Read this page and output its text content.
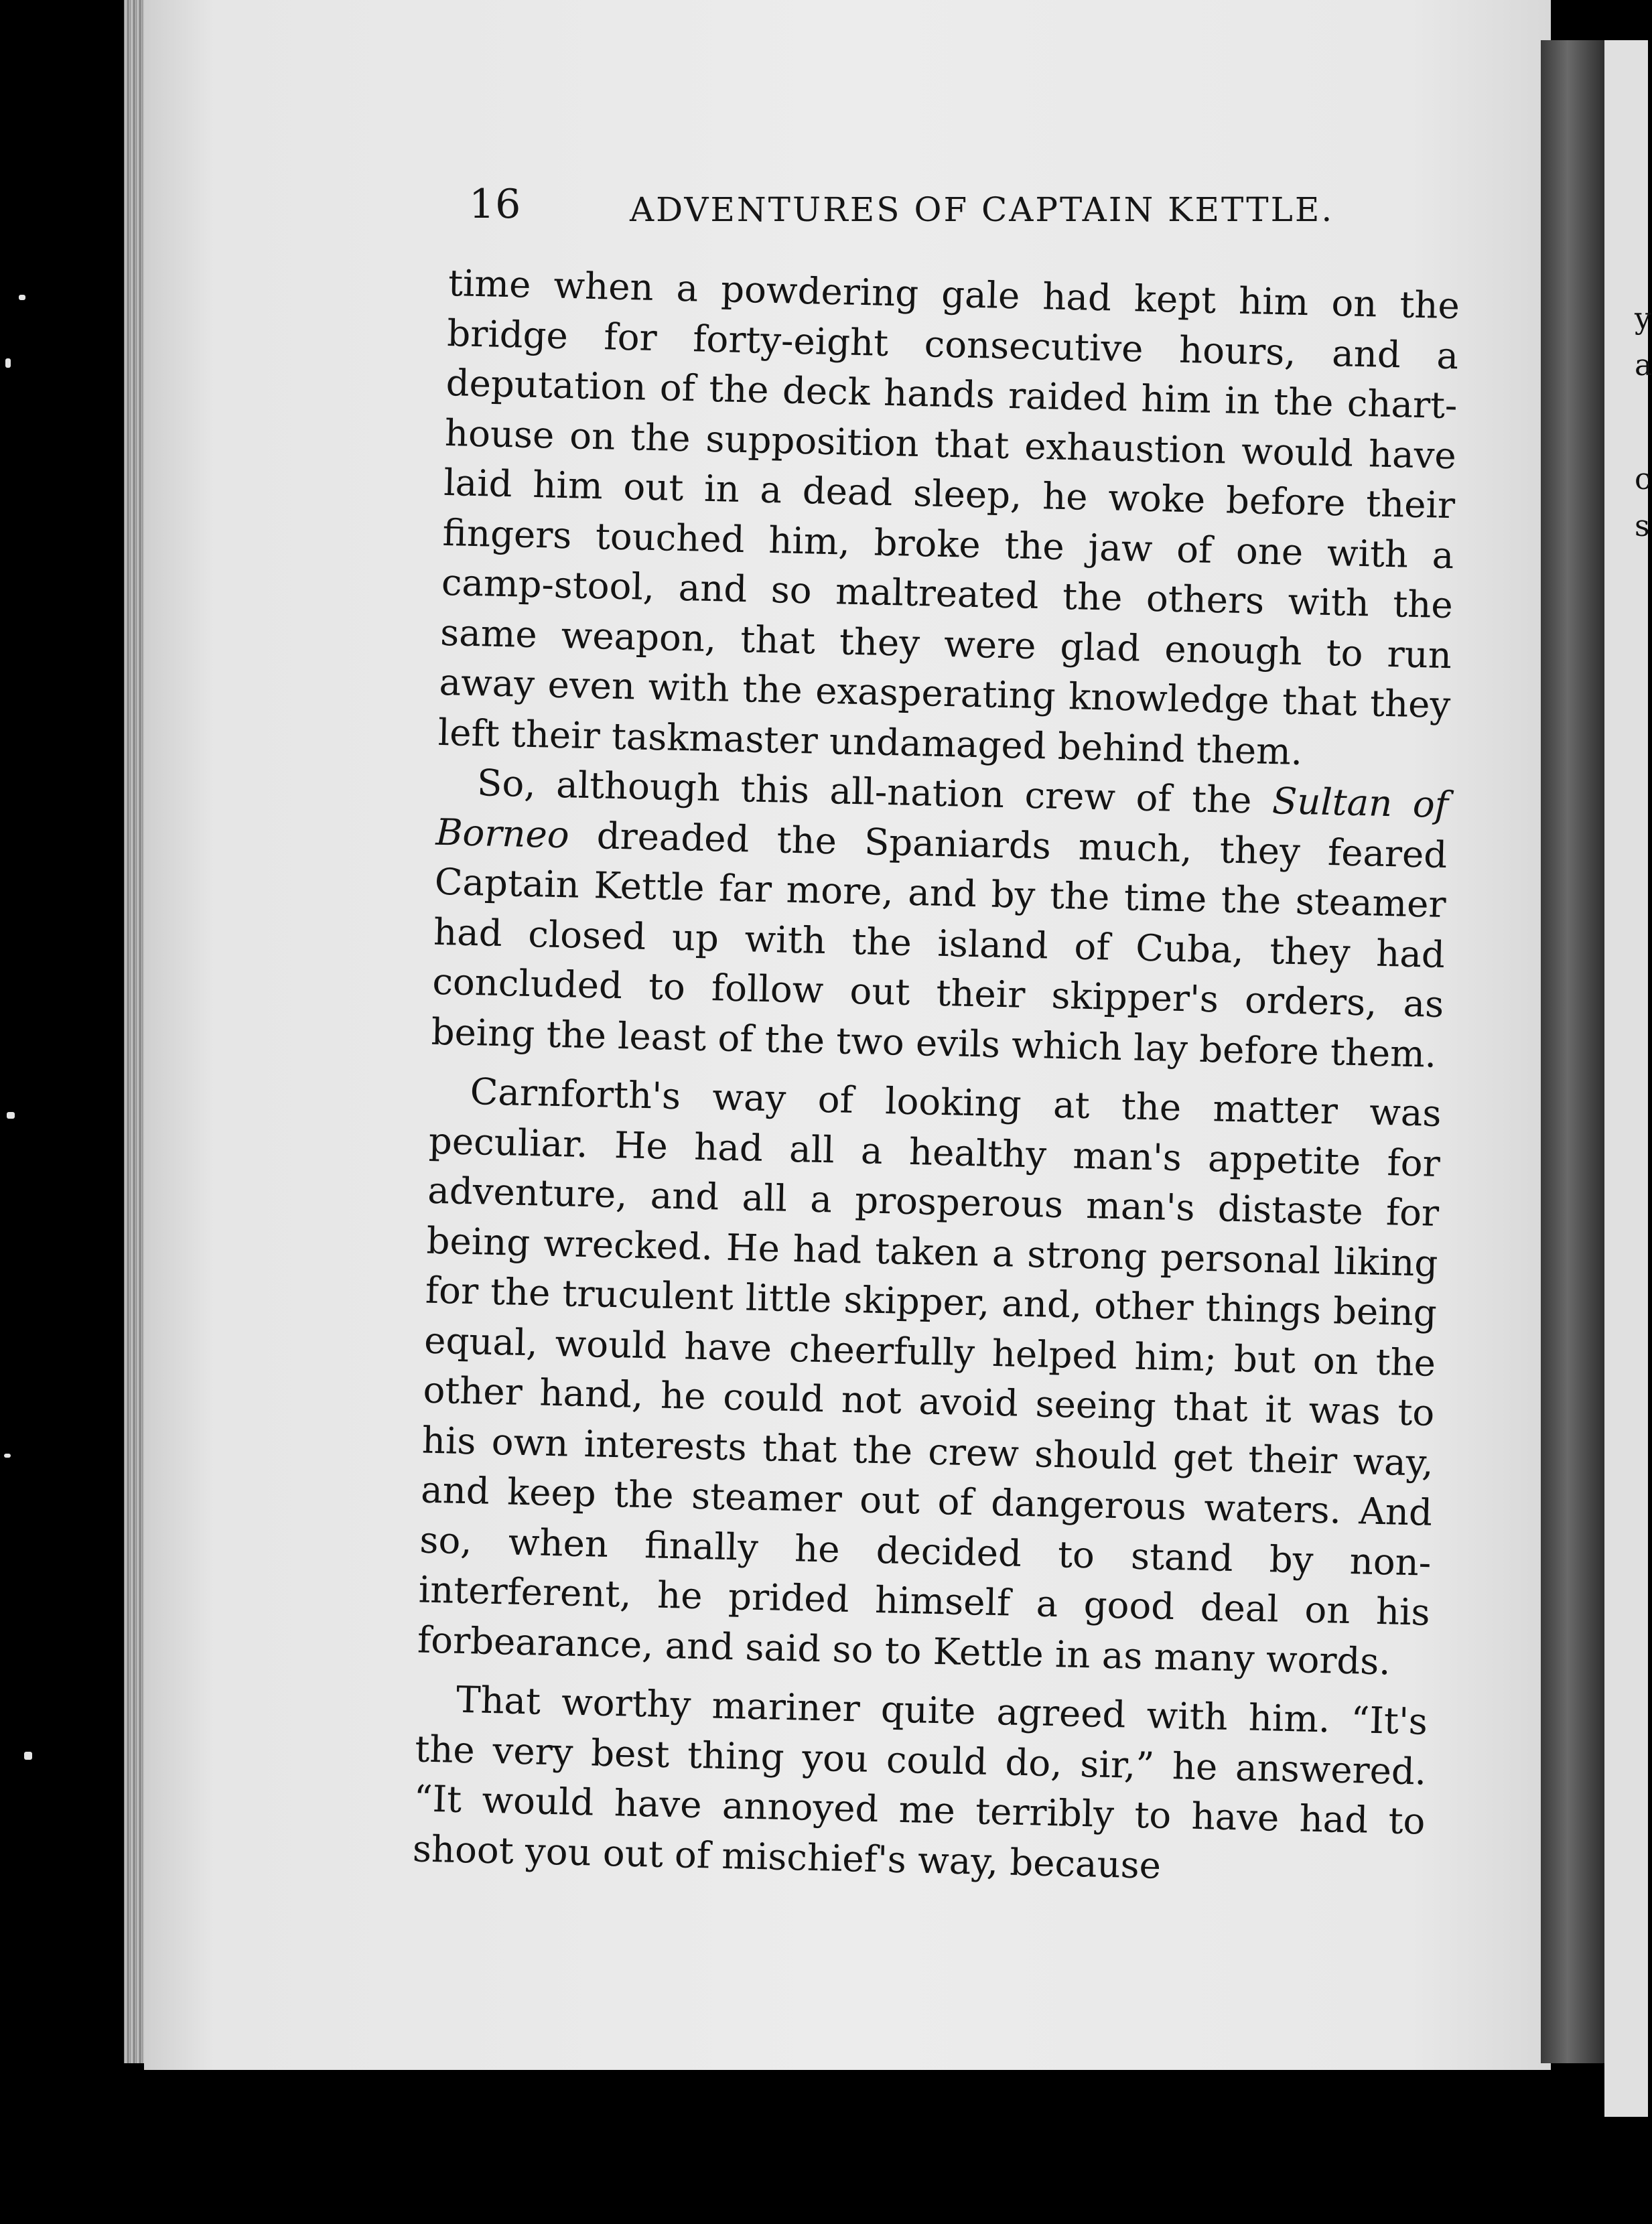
y
a
c
s
16	ADVENTURES OF CAPTAIN KETTLE.

time when a powdering gale had kept him on the bridge for forty-eight consecutive hours, and a deputation of the deck hands raided him in the chart-house on the supposition that exhaustion would have laid him out in a dead sleep, he woke before their fingers touched him, broke the jaw of one with a camp-stool, and so maltreated the others with the same weapon, that they were glad enough to run away even with the exasperating knowledge that they left their taskmaster undamaged behind them.

So, although this all-nation crew of the Sultan of Borneo dreaded the Spaniards much, they feared Captain Kettle far more, and by the time the steamer had closed up with the island of Cuba, they had concluded to follow out their skipper's orders, as being the least of the two evils which lay before them.

Carnforth's way of looking at the matter was peculiar. He had all a healthy man's appetite for adventure, and all a prosperous man's distaste for being wrecked. He had taken a strong personal liking for the truculent little skipper, and, other things being equal, would have cheerfully helped him; but on the other hand, he could not avoid seeing that it was to his own interests that the crew should get their way, and keep the steamer out of dangerous waters. And so, when finally he decided to stand by non-interferent, he prided himself a good deal on his forbearance, and said so to Kettle in as many words.

That worthy mariner quite agreed with him. “It's the very best thing you could do, sir,” he answered. “It would have annoyed me terribly to have had to shoot you out of mischief's way, because
